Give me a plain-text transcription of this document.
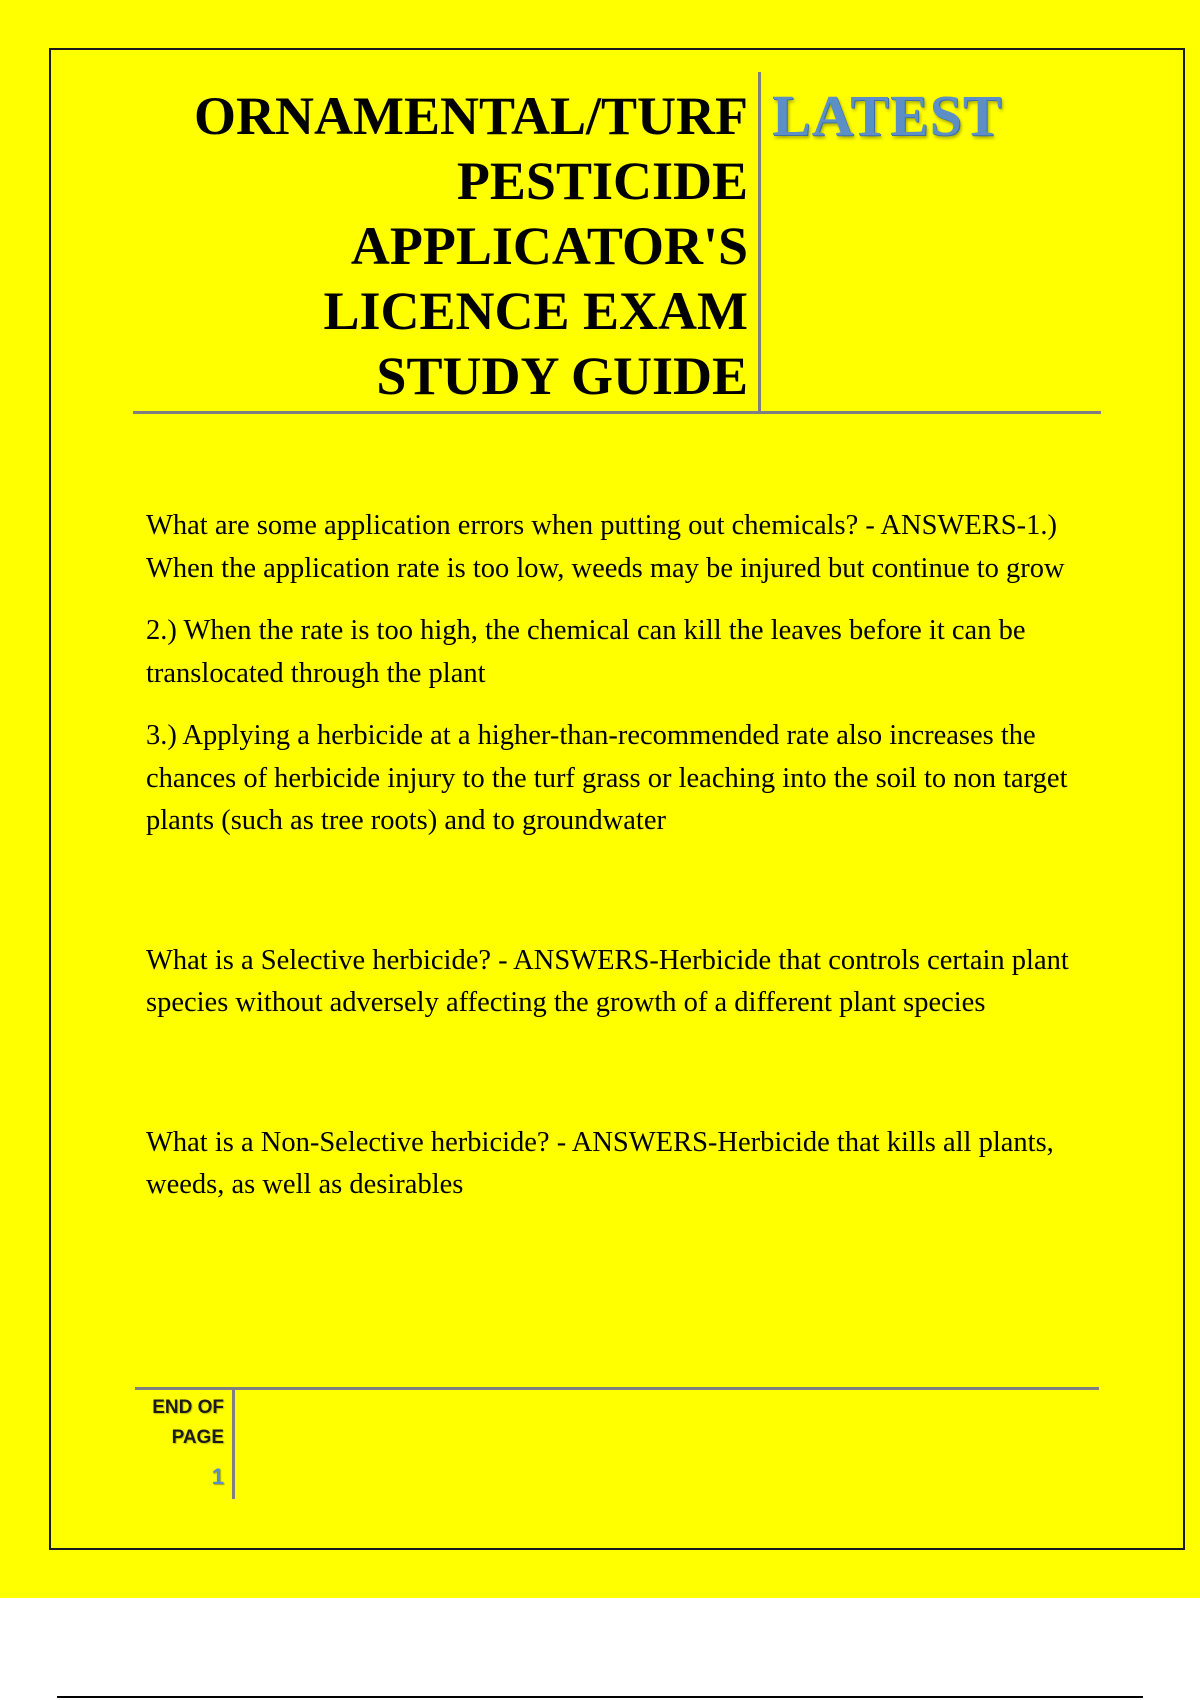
ORNAMENTAL/TURF
PESTICIDE
APPLICATOR'S
LICENCE EXAM
STUDY GUIDE
LATEST

What are some application errors when putting out chemicals? - ANSWERS-1.) When the application rate is too low, weeds may be injured but continue to grow

2.) When the rate is too high, the chemical can kill the leaves before it can be translocated through the plant

3.) Applying a herbicide at a higher-than-recommended rate also increases the chances of herbicide injury to the turf grass or leaching into the soil to non target plants (such as tree roots) and to groundwater

What is a Selective herbicide? - ANSWERS-Herbicide that controls certain plant species without adversely affecting the growth of a different plant species

What is a Non-Selective herbicide? - ANSWERS-Herbicide that kills all plants, weeds, as well as desirables

END OF
PAGE
1
